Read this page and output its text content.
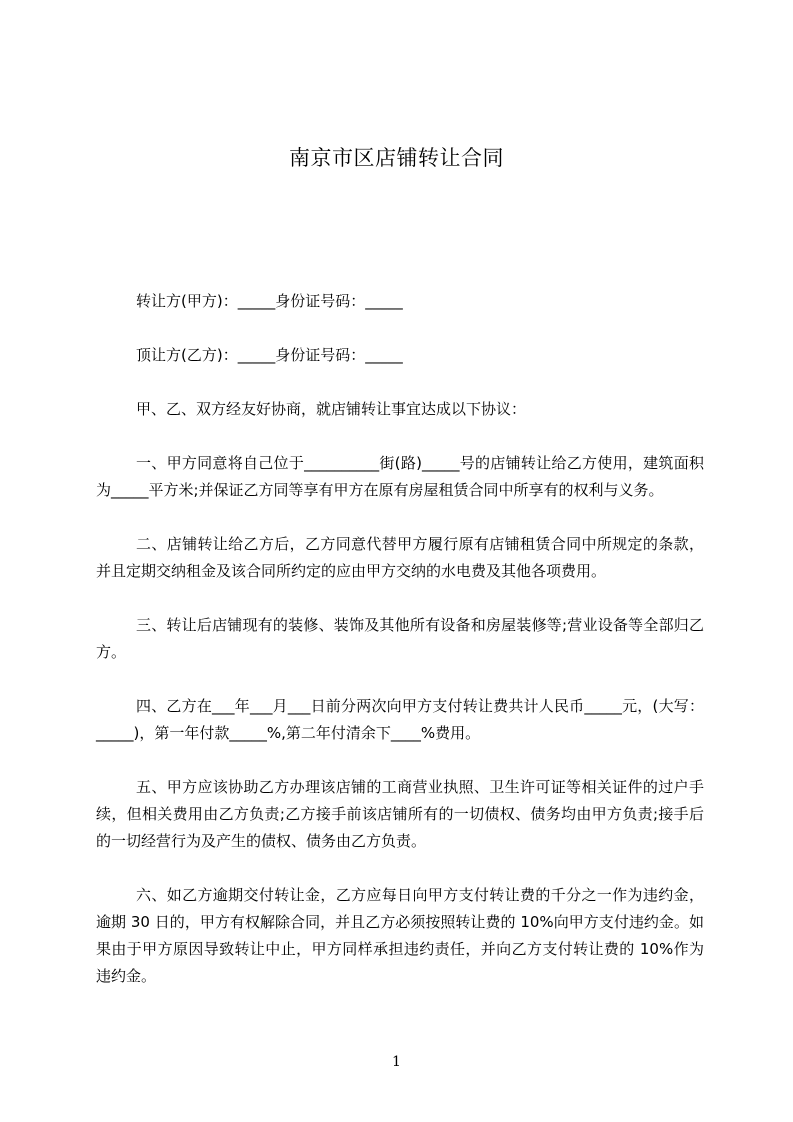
南京市区店铺转让合同

转让方(甲方)：_____身份证号码：_____

顶让方(乙方)：_____身份证号码：_____

甲、乙、双方经友好协商，就店铺转让事宜达成以下协议：

一、甲方同意将自己位于__________街(路)_____号的店铺转让给乙方使用，建筑面积为_____平方米;并保证乙方同等享有甲方在原有房屋租赁合同中所享有的权利与义务。

二、店铺转让给乙方后，乙方同意代替甲方履行原有店铺租赁合同中所规定的条款，并且定期交纳租金及该合同所约定的应由甲方交纳的水电费及其他各项费用。

三、转让后店铺现有的装修、装饰及其他所有设备和房屋装修等;营业设备等全部归乙方。

四、乙方在___年___月___日前分两次向甲方支付转让费共计人民币_____元，(大写：_____)，第一年付款_____%,第二年付清余下____%费用。

五、甲方应该协助乙方办理该店铺的工商营业执照、卫生许可证等相关证件的过户手续，但相关费用由乙方负责;乙方接手前该店铺所有的一切债权、债务均由甲方负责;接手后的一切经营行为及产生的债权、债务由乙方负责。

六、如乙方逾期交付转让金，乙方应每日向甲方支付转让费的千分之一作为违约金，逾期 30 日的，甲方有权解除合同，并且乙方必须按照转让费的 10%向甲方支付违约金。如果由于甲方原因导致转让中止，甲方同样承担违约责任，并向乙方支付转让费的 10%作为违约金。

1
